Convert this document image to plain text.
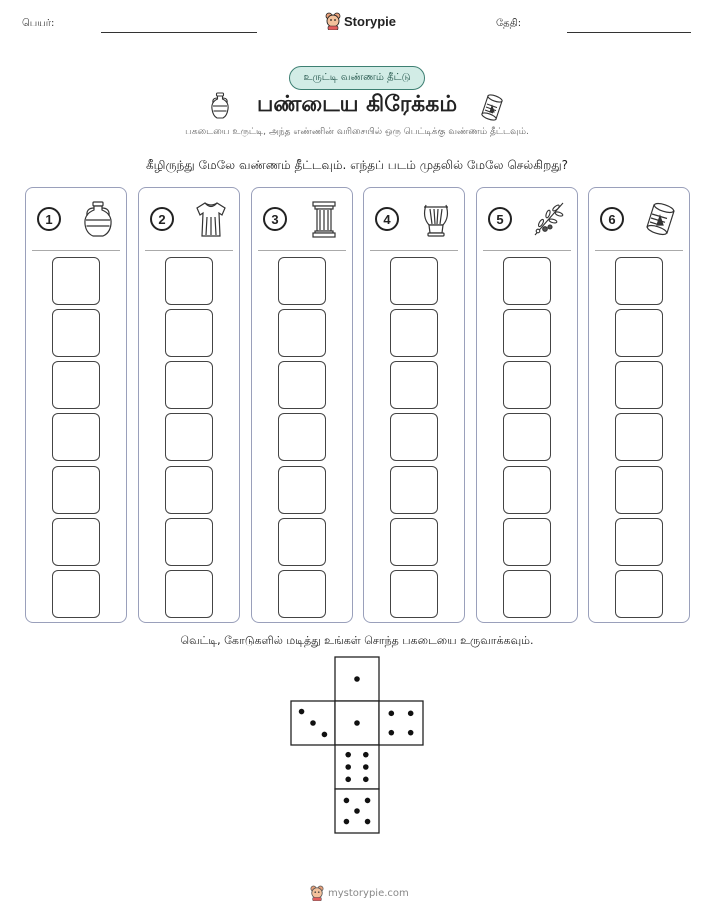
பெயர்:	Storypie	தேதி:
உருட்டி வண்ணம் தீட்டு
பண்டைய கிரேக்கம்
பகடையை உருட்டி, அந்த எண்ணின் வரிசையில் ஒரு பெட்டிக்கு வண்ணம் தீட்டவும்.
கீழிருந்து மேலே வண்ணம் தீட்டவும். எந்தப் படம் முதலில் மேலே செல்கிறது?
1	2	3	4	5	6
வெட்டி, கோடுகளில் மடித்து உங்கள் சொந்த பகடையை உருவாக்கவும்.
mystorypie.com
